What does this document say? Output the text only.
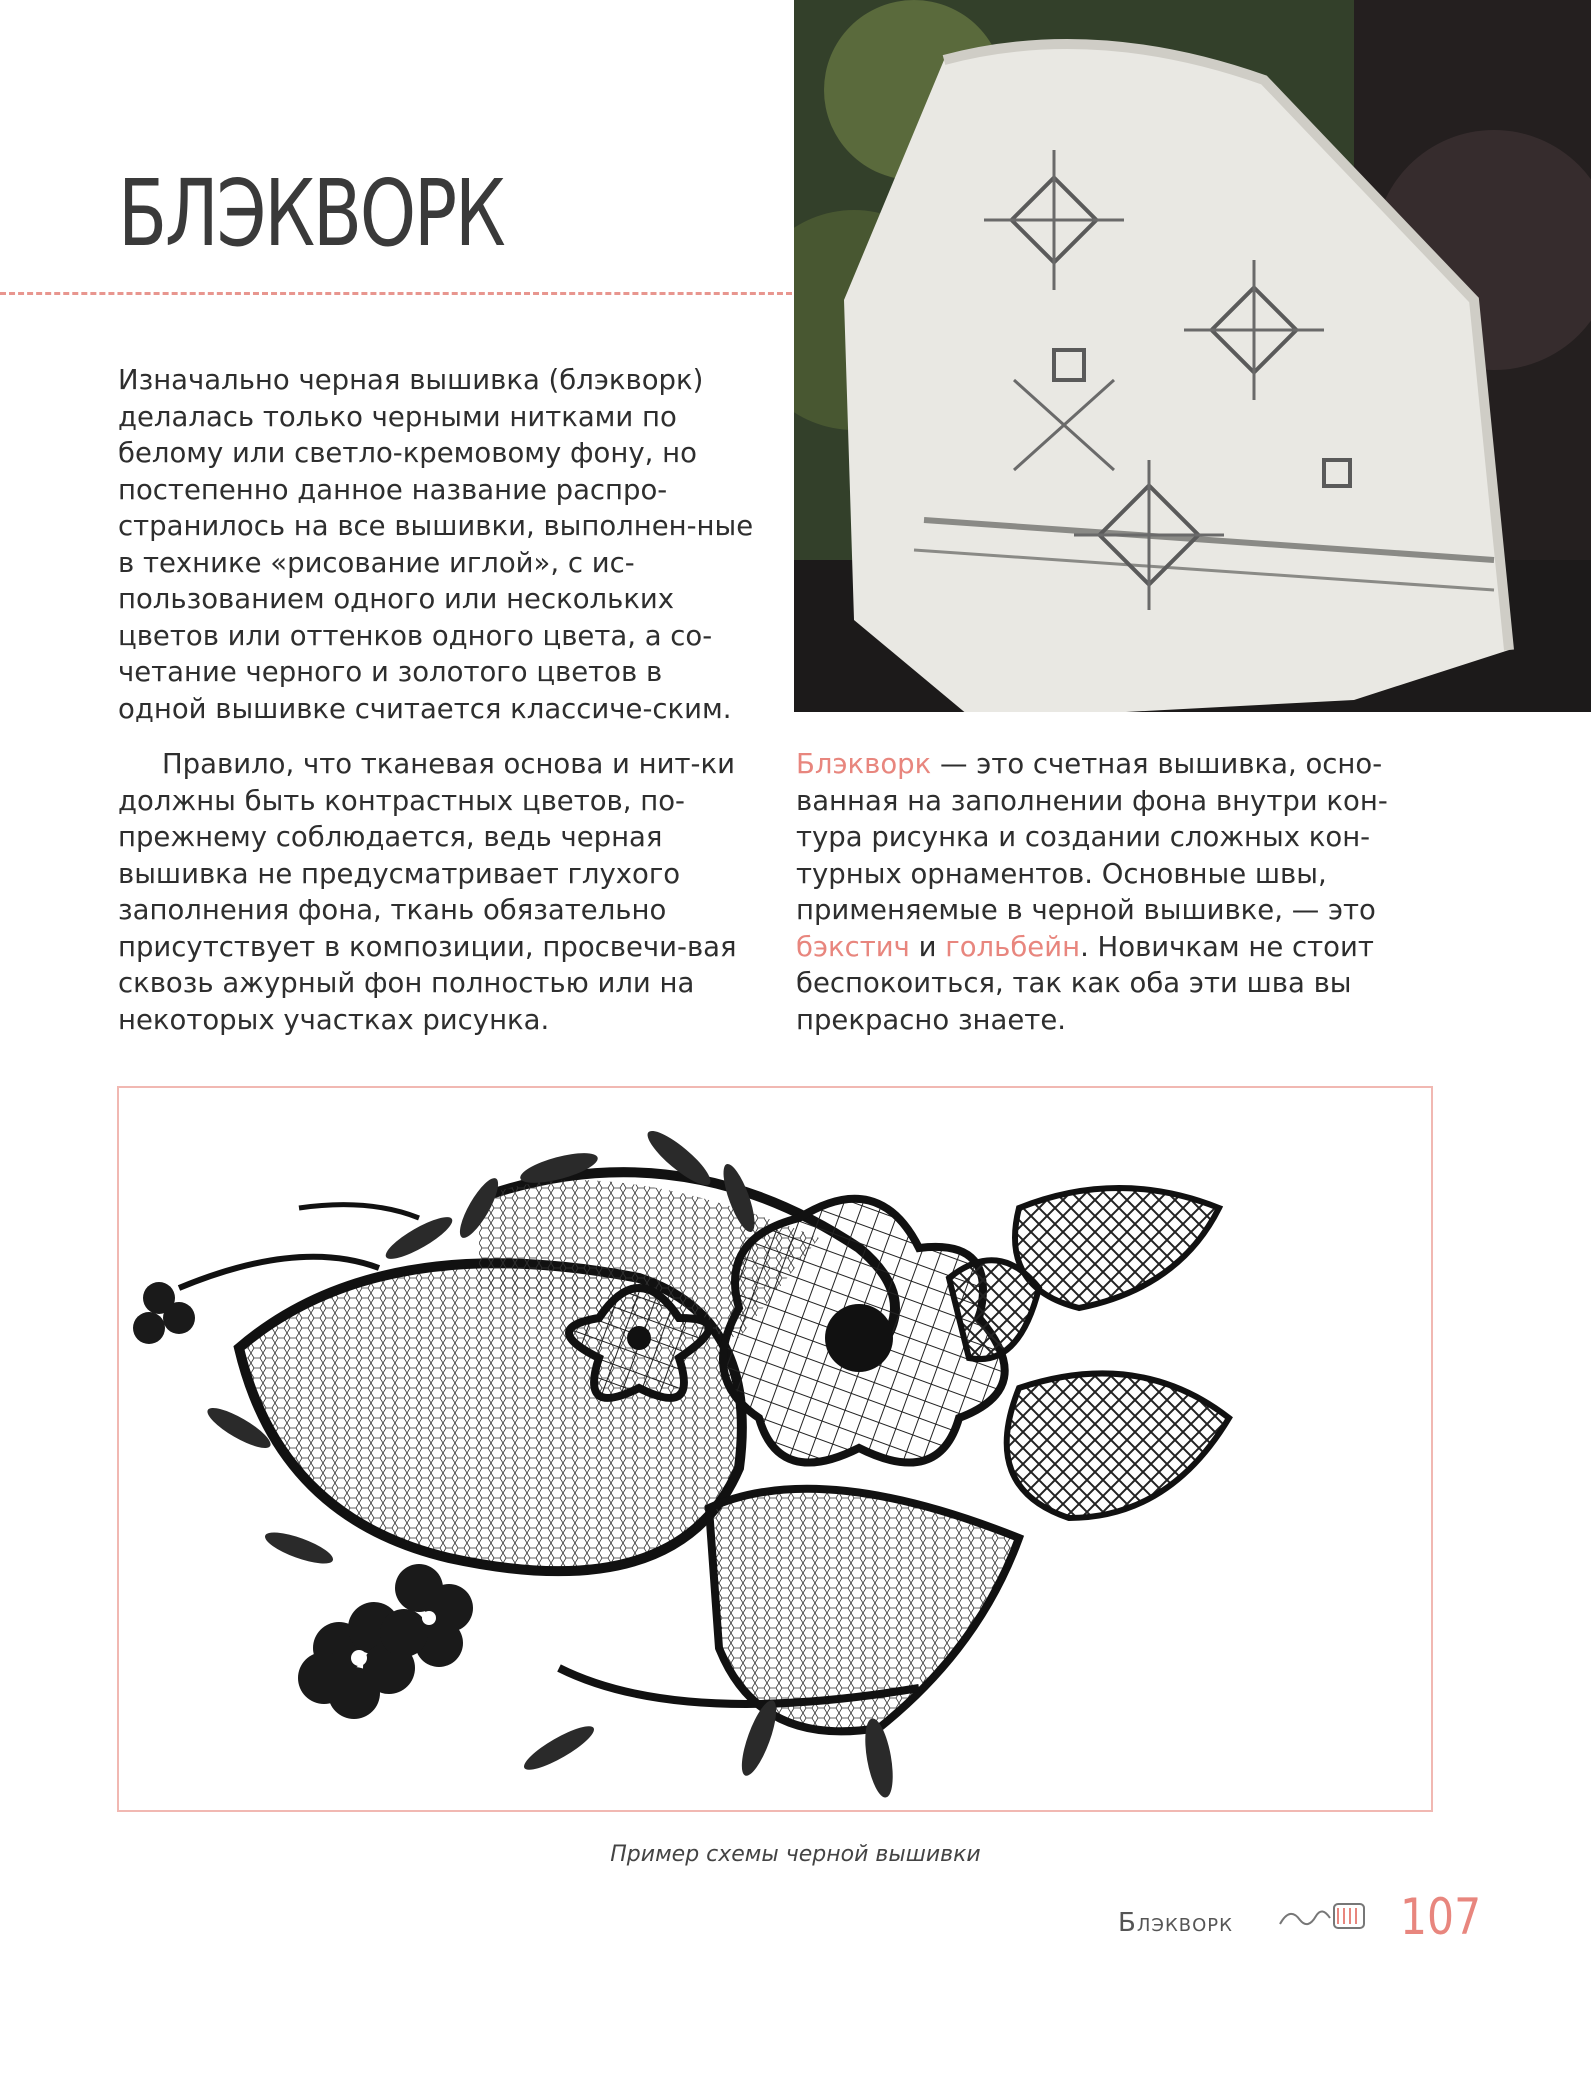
БЛЭКВОРК

Изначально черная вышивка (блэкворк) делалась только черными нитками по белому или светло-кремовому фону, но постепенно данное название распро-странилось на все вышивки, выполнен-ные в технике «рисование иглой», с ис-пользованием одного или нескольких цветов или оттенков одного цвета, а со-четание черного и золотого цветов в одной вышивке считается классиче-ским.

Правило, что тканевая основа и нит-ки должны быть контрастных цветов, по-прежнему соблюдается, ведь черная вышивка не предусматривает глухого заполнения фона, ткань обязательно присутствует в композиции, просвечи-вая сквозь ажурный фон полностью или на некоторых участках рисунка.

Блэкворк — это счетная вышивка, осно-ванная на заполнении фона внутри кон-тура рисунка и создании сложных кон-турных орнаментов. Основные швы, применяемые в черной вышивке, — это бэкстич и гольбейн. Новичкам не стоит беспокоиться, так как оба эти шва вы прекрасно знаете.

Пример схемы черной вышивки
Блэкворк	107
